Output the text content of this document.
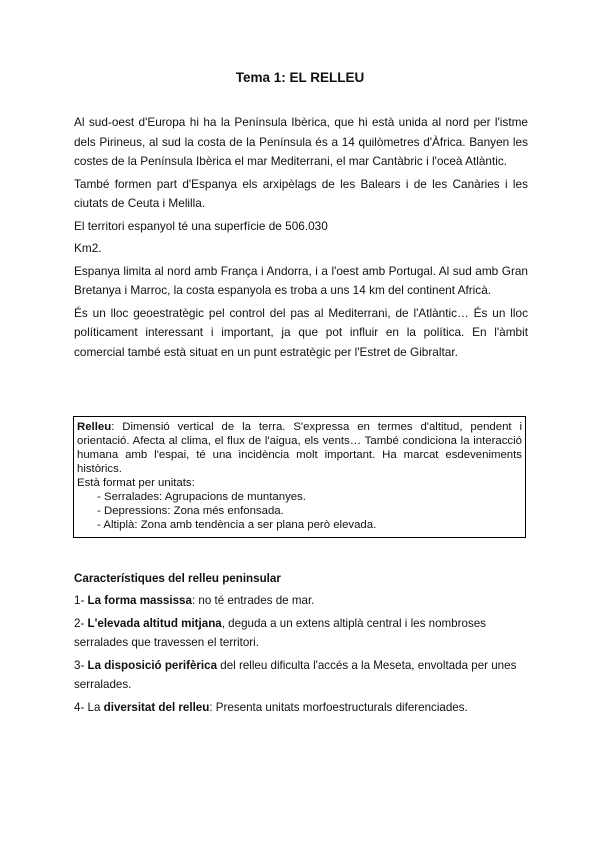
Tema 1: EL RELLEU

Al sud-oest d'Europa hi ha la Península Ibèrica, que hi està unida al nord per l'istme dels Pirineus, al sud la costa de la Península és a 14 quilòmetres d'Àfrica. Banyen les costes de la Península Ibèrica el mar Mediterrani, el mar Cantàbric i l'oceà Atlàntic.

També formen part d'Espanya els arxipèlags de les Balears i de les Canàries i les ciutats de Ceuta i Melilla.

El territori espanyol té una superfície de 506.030

Km2.

Espanya limita al nord amb França i Andorra, i a l'oest amb Portugal. Al sud amb Gran Bretanya i Marroc, la costa espanyola es troba a uns 14 km del continent Africà.

És un lloc geoestratègic pel control del pas al Mediterrani, de l'Atlàntic… És un lloc políticament interessant i important, ja que pot influir en la política. En l'àmbit comercial també està situat en un punt estratègic per l'Estret de Gibraltar.

Relleu: Dimensió vertical de la terra. S'expressa en termes d'altitud, pendent i orientació. Afecta al clima, el flux de l'aigua, els vents… També condiciona la interacció humana amb l'espai, té una incidència molt important. Ha marcat esdeveniments històrics.

Està format per unitats:

- Serralades: Agrupacions de muntanyes.
- Depressions: Zona més enfonsada.
- Altiplà: Zona amb tendència a ser plana però elevada.
Característiques del relleu peninsular

1- La forma massissa: no té entrades de mar.

2- L'elevada altitud mitjana, deguda a un extens altiplà central i les nombroses serralades que travessen el territori.

3- La disposició perifèrica del relleu dificulta l'accés a la Meseta, envoltada per unes serralades.

4- La diversitat del relleu: Presenta unitats morfoestructurals diferenciades.
